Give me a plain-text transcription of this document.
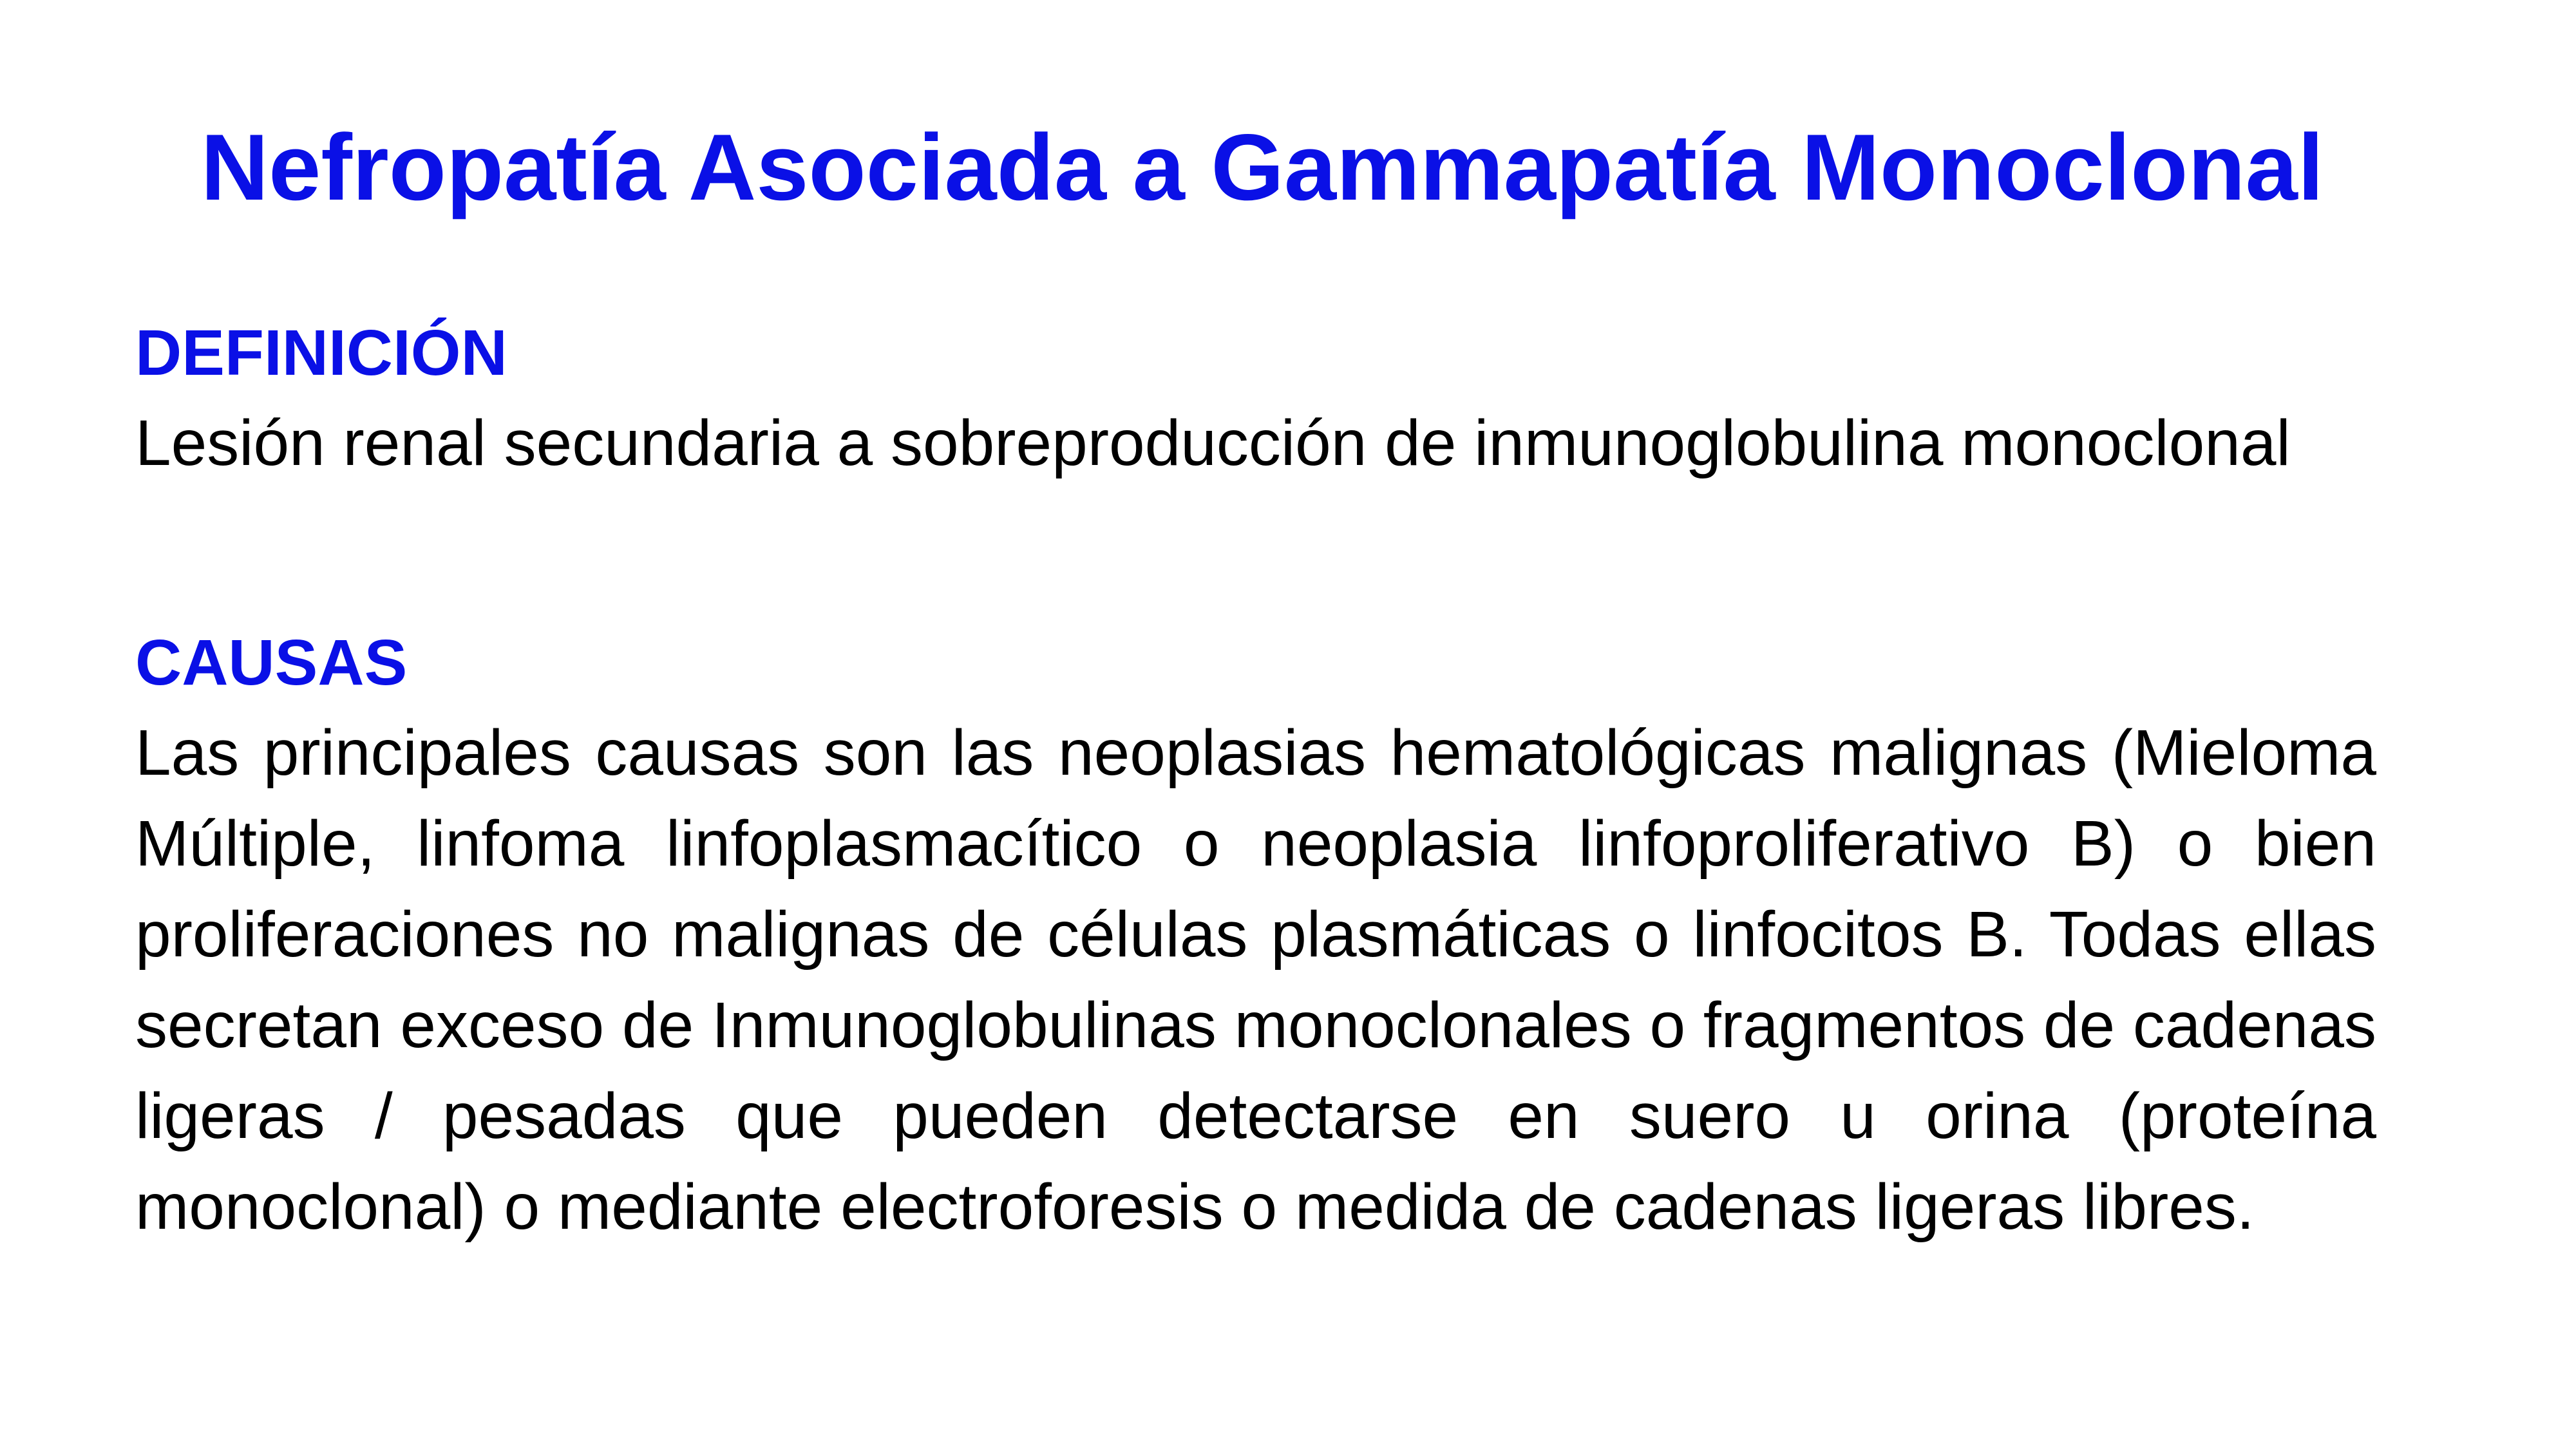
Nefropatía Asociada a Gammapatía Monoclonal
DEFINICIÓN

Lesión renal secundaria a sobreproducción de inmunoglobulina monoclonal

CAUSAS

Las principales causas son las neoplasias hematológicas malignas (Mieloma Múltiple, linfoma linfoplasmacítico o neoplasia linfoproliferativo B) o bien proliferaciones no malignas de células plasmáticas o linfocitos B. Todas ellas secretan exceso de Inmunoglobulinas monoclonales o fragmentos de cadenas ligeras / pesadas que pueden detectarse en suero u orina (proteína monoclonal) o mediante electroforesis o medida de cadenas ligeras libres.
